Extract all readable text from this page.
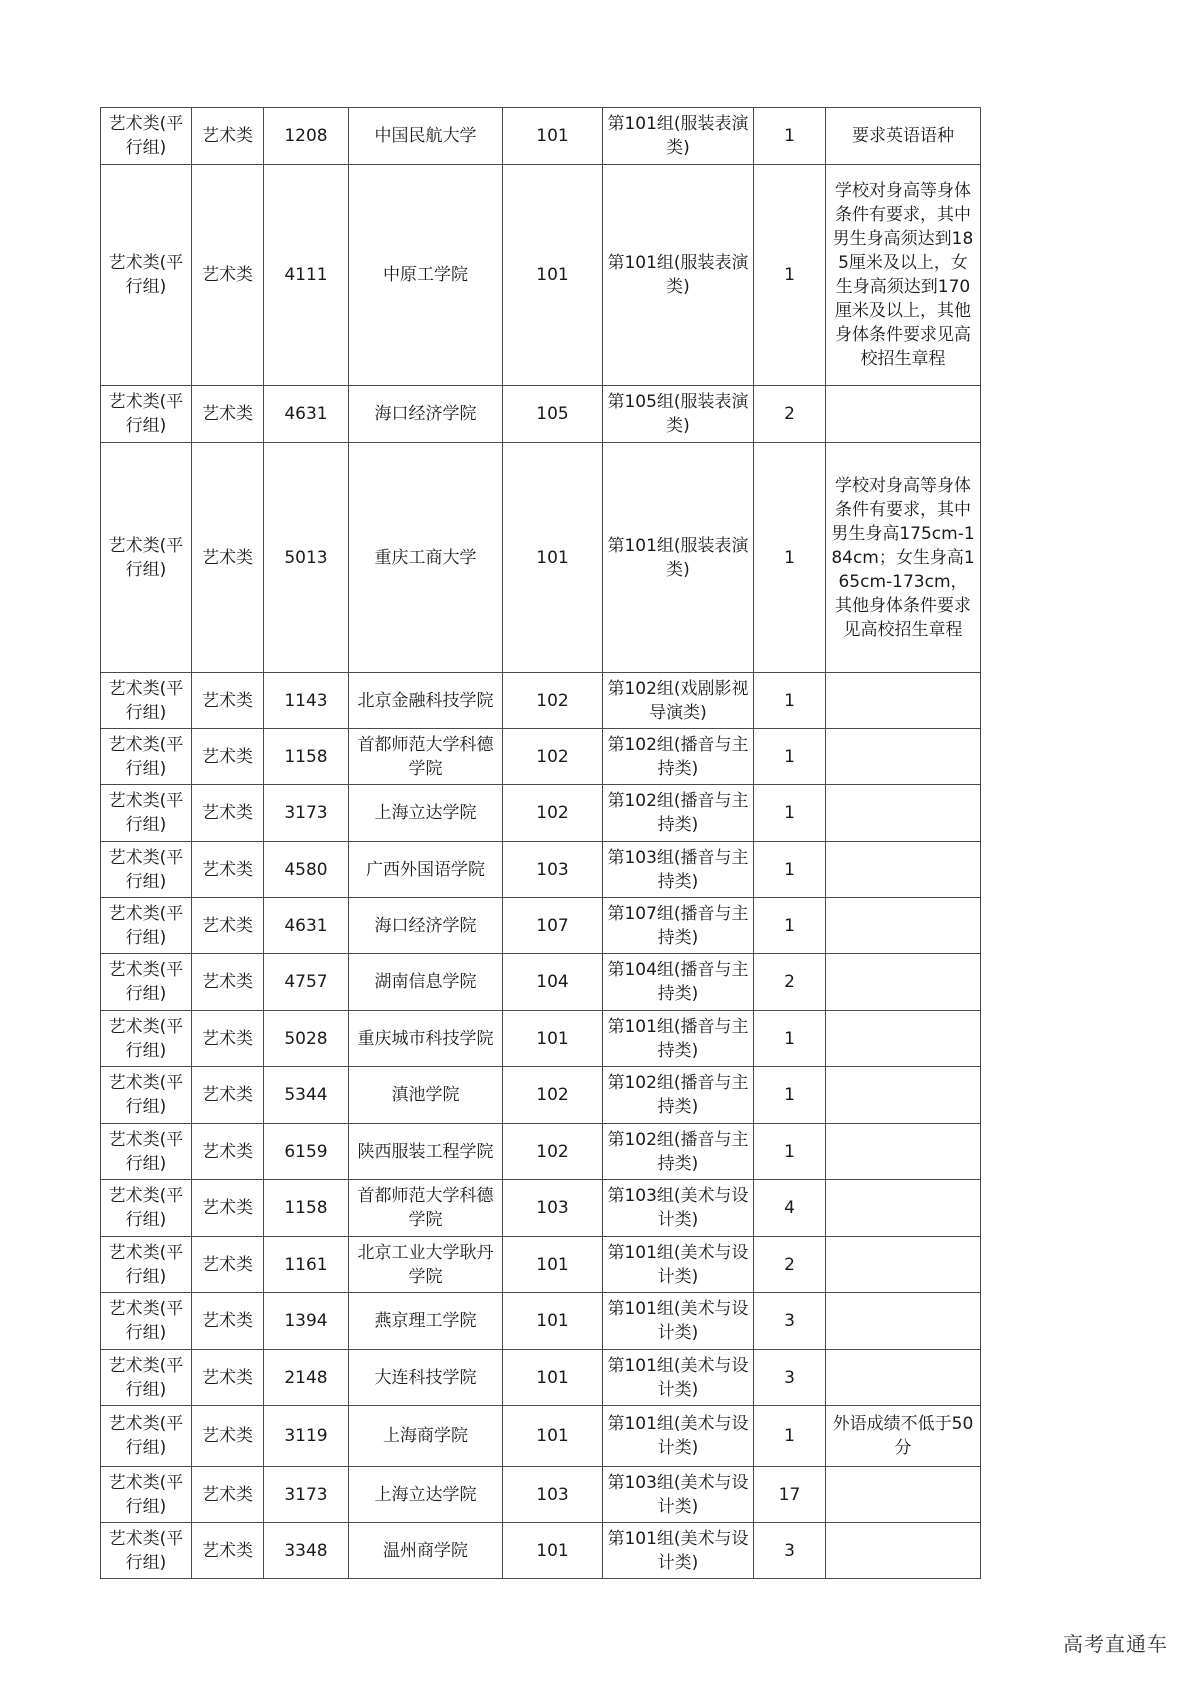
艺术类(平行组)	艺术类	1208	中国民航大学	101	第101组(服装表演类)	1	要求英语语种
艺术类(平行组)	艺术类	4111	中原工学院	101	第101组(服装表演类)	1	学校对身高等身体条件有要求，其中男生身高须达到185厘米及以上，女生身高须达到170厘米及以上，其他身体条件要求见高校招生章程
艺术类(平行组)	艺术类	4631	海口经济学院	105	第105组(服装表演类)	2	
艺术类(平行组)	艺术类	5013	重庆工商大学	101	第101组(服装表演类)	1	学校对身高等身体条件有要求，其中男生身高175cm-184cm；女生身高165cm-173cm，其他身体条件要求见高校招生章程
艺术类(平行组)	艺术类	1143	北京金融科技学院	102	第102组(戏剧影视导演类)	1	
艺术类(平行组)	艺术类	1158	首都师范大学科德学院	102	第102组(播音与主持类)	1	
艺术类(平行组)	艺术类	3173	上海立达学院	102	第102组(播音与主持类)	1	
艺术类(平行组)	艺术类	4580	广西外国语学院	103	第103组(播音与主持类)	1	
艺术类(平行组)	艺术类	4631	海口经济学院	107	第107组(播音与主持类)	1	
艺术类(平行组)	艺术类	4757	湖南信息学院	104	第104组(播音与主持类)	2	
艺术类(平行组)	艺术类	5028	重庆城市科技学院	101	第101组(播音与主持类)	1	
艺术类(平行组)	艺术类	5344	滇池学院	102	第102组(播音与主持类)	1	
艺术类(平行组)	艺术类	6159	陕西服装工程学院	102	第102组(播音与主持类)	1	
艺术类(平行组)	艺术类	1158	首都师范大学科德学院	103	第103组(美术与设计类)	4	
艺术类(平行组)	艺术类	1161	北京工业大学耿丹学院	101	第101组(美术与设计类)	2	
艺术类(平行组)	艺术类	1394	燕京理工学院	101	第101组(美术与设计类)	3	
艺术类(平行组)	艺术类	2148	大连科技学院	101	第101组(美术与设计类)	3	
艺术类(平行组)	艺术类	3119	上海商学院	101	第101组(美术与设计类)	1	外语成绩不低于50分
艺术类(平行组)	艺术类	3173	上海立达学院	103	第103组(美术与设计类)	17	
艺术类(平行组)	艺术类	3348	温州商学院	101	第101组(美术与设计类)	3	
高考直通车
